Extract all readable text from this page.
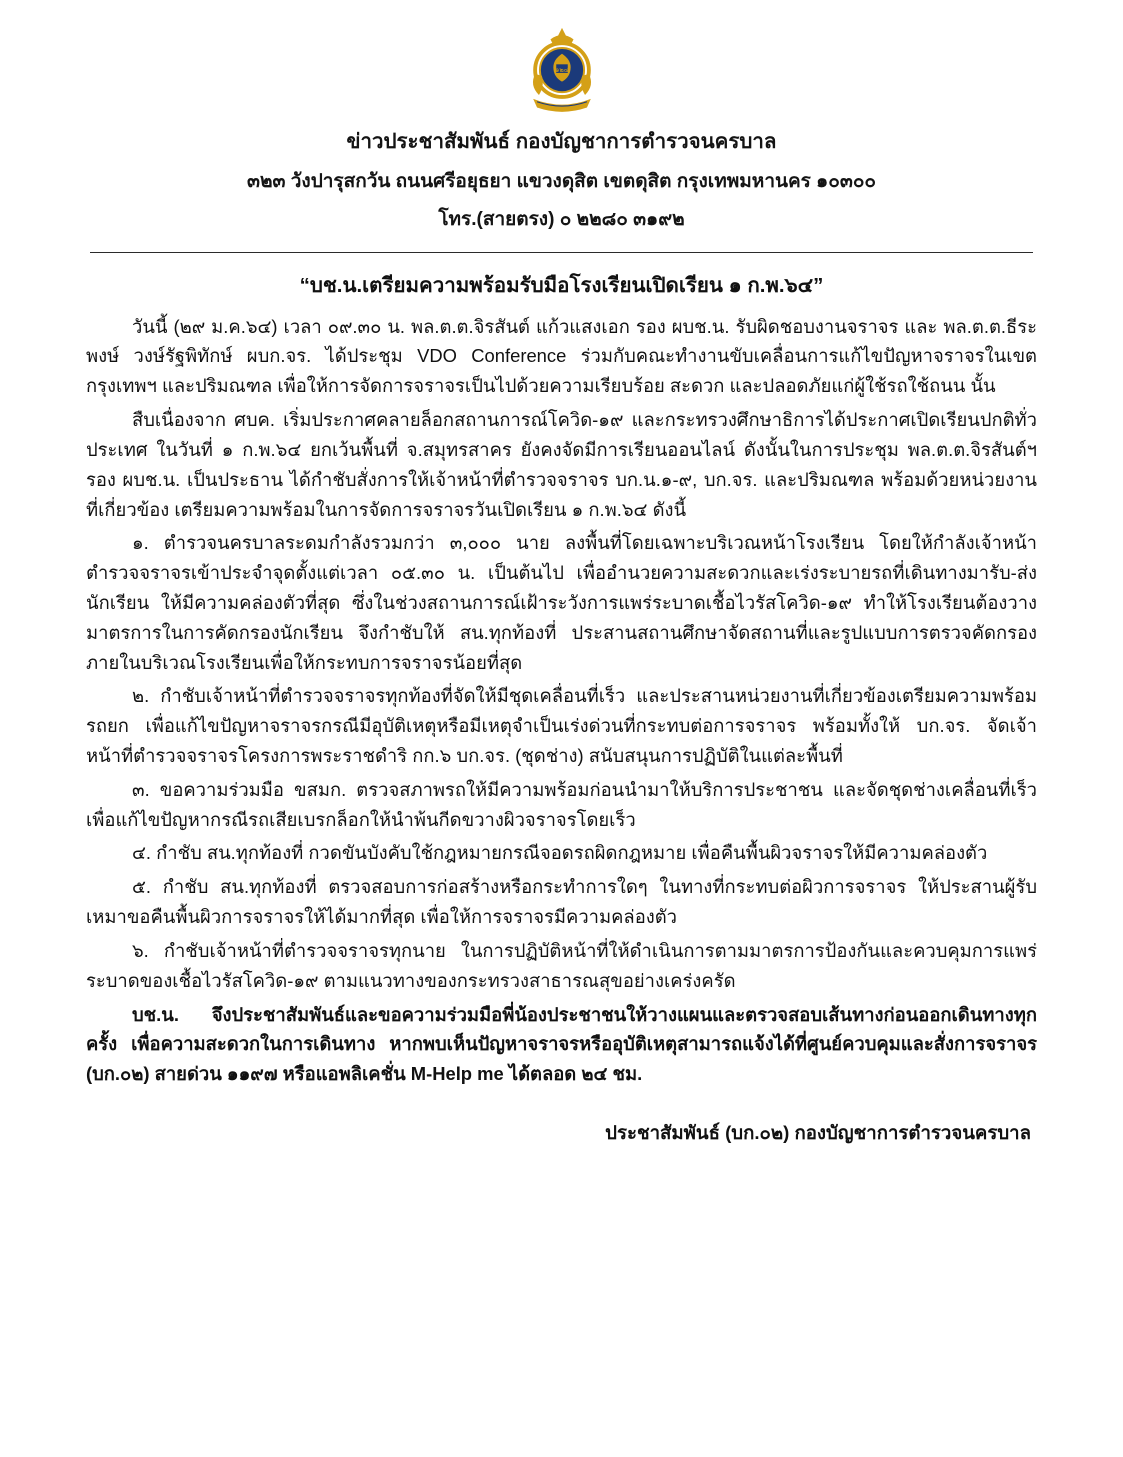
๑๒๔
ข่าวประชาสัมพันธ์ กองบัญชาการตำรวจนครบาล
๓๒๓ วังปารุสกวัน ถนนศรีอยุธยา แขวงดุสิต เขตดุสิต กรุงเทพมหานคร ๑๐๓๐๐
โทร.(สายตรง) ๐ ๒๒๘๐ ๓๑๙๒
“บช.น.เตรียมความพร้อมรับมือโรงเรียนเปิดเรียน ๑ ก.พ.๖๔”

วันนี้ (๒๙ ม.ค.๖๔) เวลา ๐๙.๓๐ น. พล.ต.ต.จิรสันต์ แก้วแสงเอก รอง ผบช.น. รับผิดชอบงานจราจร และ พล.ต.ต.ธีระพงษ์ วงษ์รัฐพิทักษ์ ผบก.จร. ได้ประชุม VDO Conference ร่วมกับคณะทำงานขับเคลื่อนการแก้ไขปัญหาจราจรในเขตกรุงเทพฯ และปริมณฑล เพื่อให้การจัดการจราจรเป็นไปด้วยความเรียบร้อย สะดวก และปลอดภัยแก่ผู้ใช้รถใช้ถนน นั้น

สืบเนื่องจาก ศบค. เริ่มประกาศคลายล็อกสถานการณ์โควิด-๑๙ และกระทรวงศึกษาธิการได้ประกาศเปิดเรียนปกติทั่วประเทศ ในวันที่ ๑ ก.พ.๖๔ ยกเว้นพื้นที่ จ.สมุทรสาคร ยังคงจัดมีการเรียนออนไลน์ ดังนั้นในการประชุม พล.ต.ต.จิรสันต์ฯ รอง ผบช.น. เป็นประธาน ได้กำชับสั่งการให้เจ้าหน้าที่ตำรวจจราจร บก.น.๑-๙, บก.จร. และปริมณฑล พร้อมด้วยหน่วยงานที่เกี่ยวข้อง เตรียมความพร้อมในการจัดการจราจรวันเปิดเรียน ๑ ก.พ.๖๔ ดังนี้

๑. ตำรวจนครบาลระดมกำลังรวมกว่า ๓,๐๐๐ นาย ลงพื้นที่โดยเฉพาะบริเวณหน้าโรงเรียน โดยให้กำลังเจ้าหน้าตำรวจจราจรเข้าประจำจุดตั้งแต่เวลา ๐๕.๓๐ น. เป็นต้นไป เพื่ออำนวยความสะดวกและเร่งระบายรถที่เดินทางมารับ-ส่ง นักเรียน ให้มีความคล่องตัวที่สุด ซึ่งในช่วงสถานการณ์เฝ้าระวังการแพร่ระบาดเชื้อไวรัสโควิด-๑๙ ทำให้โรงเรียนต้องวางมาตรการในการคัดกรองนักเรียน จึงกำชับให้ สน.ทุกท้องที่ ประสานสถานศึกษาจัดสถานที่และรูปแบบการตรวจคัดกรองภายในบริเวณโรงเรียนเพื่อให้กระทบการจราจรน้อยที่สุด

๒. กำชับเจ้าหน้าที่ตำรวจจราจรทุกท้องที่จัดให้มีชุดเคลื่อนที่เร็ว และประสานหน่วยงานที่เกี่ยวข้องเตรียมความพร้อมรถยก เพื่อแก้ไขปัญหาจราจรกรณีมีอุบัติเหตุหรือมีเหตุจำเป็นเร่งด่วนที่กระทบต่อการจราจร พร้อมทั้งให้ บก.จร. จัดเจ้าหน้าที่ตำรวจจราจรโครงการพระราชดำริ กก.๖ บก.จร. (ชุดช่าง) สนับสนุนการปฏิบัติในแต่ละพื้นที่

๓. ขอความร่วมมือ ขสมก. ตรวจสภาพรถให้มีความพร้อมก่อนนำมาให้บริการประชาชน และจัดชุดช่างเคลื่อนที่เร็วเพื่อแก้ไขปัญหากรณีรถเสียเบรกล็อกให้นำพ้นกีดขวางผิวจราจรโดยเร็ว

๔. กำชับ สน.ทุกท้องที่ กวดขันบังคับใช้กฎหมายกรณีจอดรถผิดกฎหมาย เพื่อคืนพื้นผิวจราจรให้มีความคล่องตัว

๕. กำชับ สน.ทุกท้องที่ ตรวจสอบการก่อสร้างหรือกระทำการใดๆ ในทางที่กระทบต่อผิวการจราจร ให้ประสานผู้รับเหมาขอคืนพื้นผิวการจราจรให้ได้มากที่สุด เพื่อให้การจราจรมีความคล่องตัว

๖. กำชับเจ้าหน้าที่ตำรวจจราจรทุกนาย ในการปฏิบัติหน้าที่ให้ดำเนินการตามมาตรการป้องกันและควบคุมการแพร่ระบาดของเชื้อไวรัสโควิด-๑๙ ตามแนวทางของกระทรวงสาธารณสุขอย่างเคร่งครัด

บช.น. จึงประชาสัมพันธ์และขอความร่วมมือพี่น้องประชาชนให้วางแผนและตรวจสอบเส้นทางก่อนออกเดินทางทุกครั้ง เพื่อความสะดวกในการเดินทาง หากพบเห็นปัญหาจราจรหรืออุบัติเหตุสามารถแจ้งได้ที่ศูนย์ควบคุมและสั่งการจราจร (บก.๐๒) สายด่วน ๑๑๙๗ หรือแอพลิเคชั่น M-Help me ได้ตลอด ๒๔ ชม.

ประชาสัมพันธ์ (บก.๐๒) กองบัญชาการตำรวจนครบาล
